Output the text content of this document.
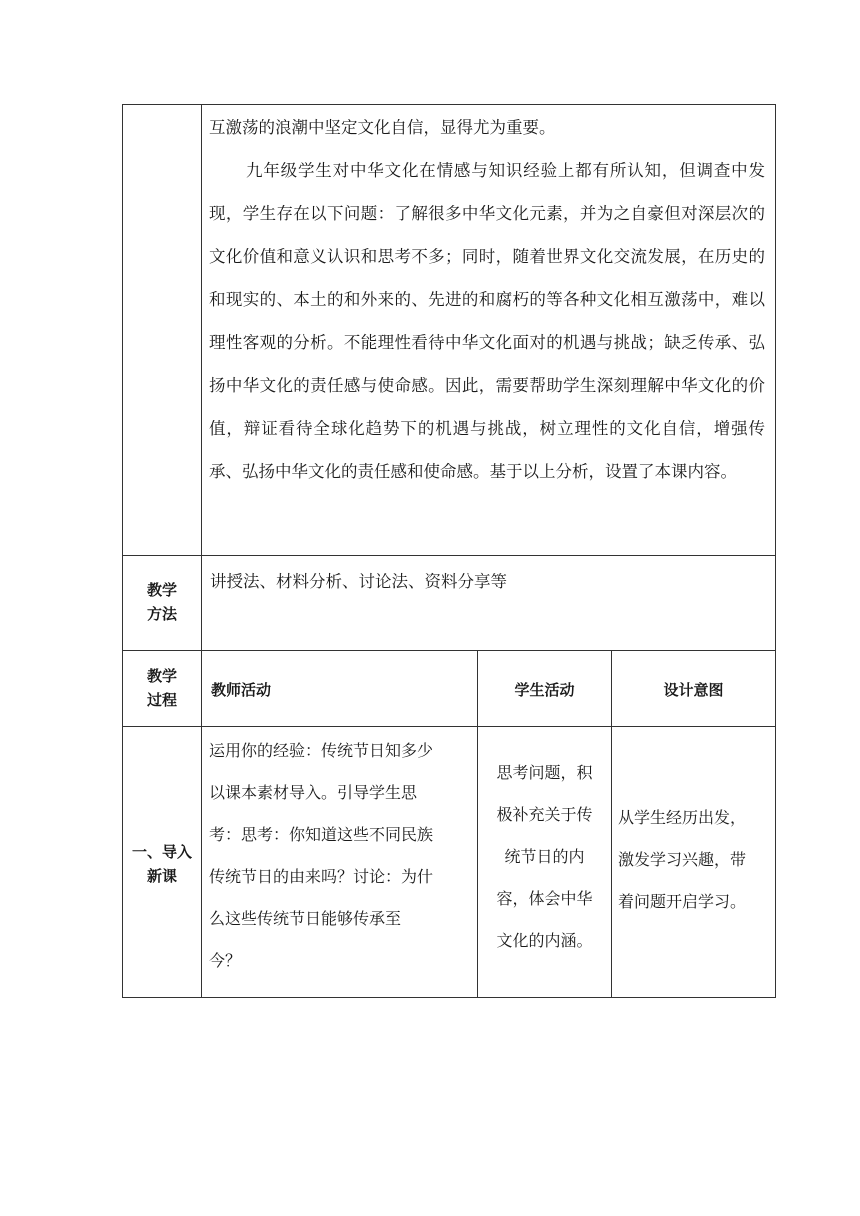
互激荡的浪潮中坚定文化自信，显得尤为重要。

九年级学生对中华文化在情感与知识经验上都有所认知，但调查中发现，学生存在以下问题：了解很多中华文化元素，并为之自豪但对深层次的文化价值和意义认识和思考不多；同时，随着世界文化交流发展，在历史的和现实的、本土的和外来的、先进的和腐朽的等各种文化相互激荡中，难以理性客观的分析。不能理性看待中华文化面对的机遇与挑战；缺乏传承、弘扬中华文化的责任感与使命感。因此，需要帮助学生深刻理解中华文化的价值，辩证看待全球化趋势下的机遇与挑战，树立理性的文化自信，增强传承、弘扬中华文化的责任感和使命感。基于以上分析，设置了本课内容。

教学
方法
讲授法、材料分析、讨论法、资料分享等
教学
过程
教师活动	学生活动	设计意图
一、导入
新课
运用你的经验：传统节日知多少
以课本素材导入。引导学生思
考：思考：你知道这些不同民族
传统节日的由来吗？讨论：为什
么这些传统节日能够传承至
今？
思考问题，积
极补充关于传
统节日的内
容，体会中华
文化的内涵。
从学生经历出发，
激发学习兴趣，带
着问题开启学习。
